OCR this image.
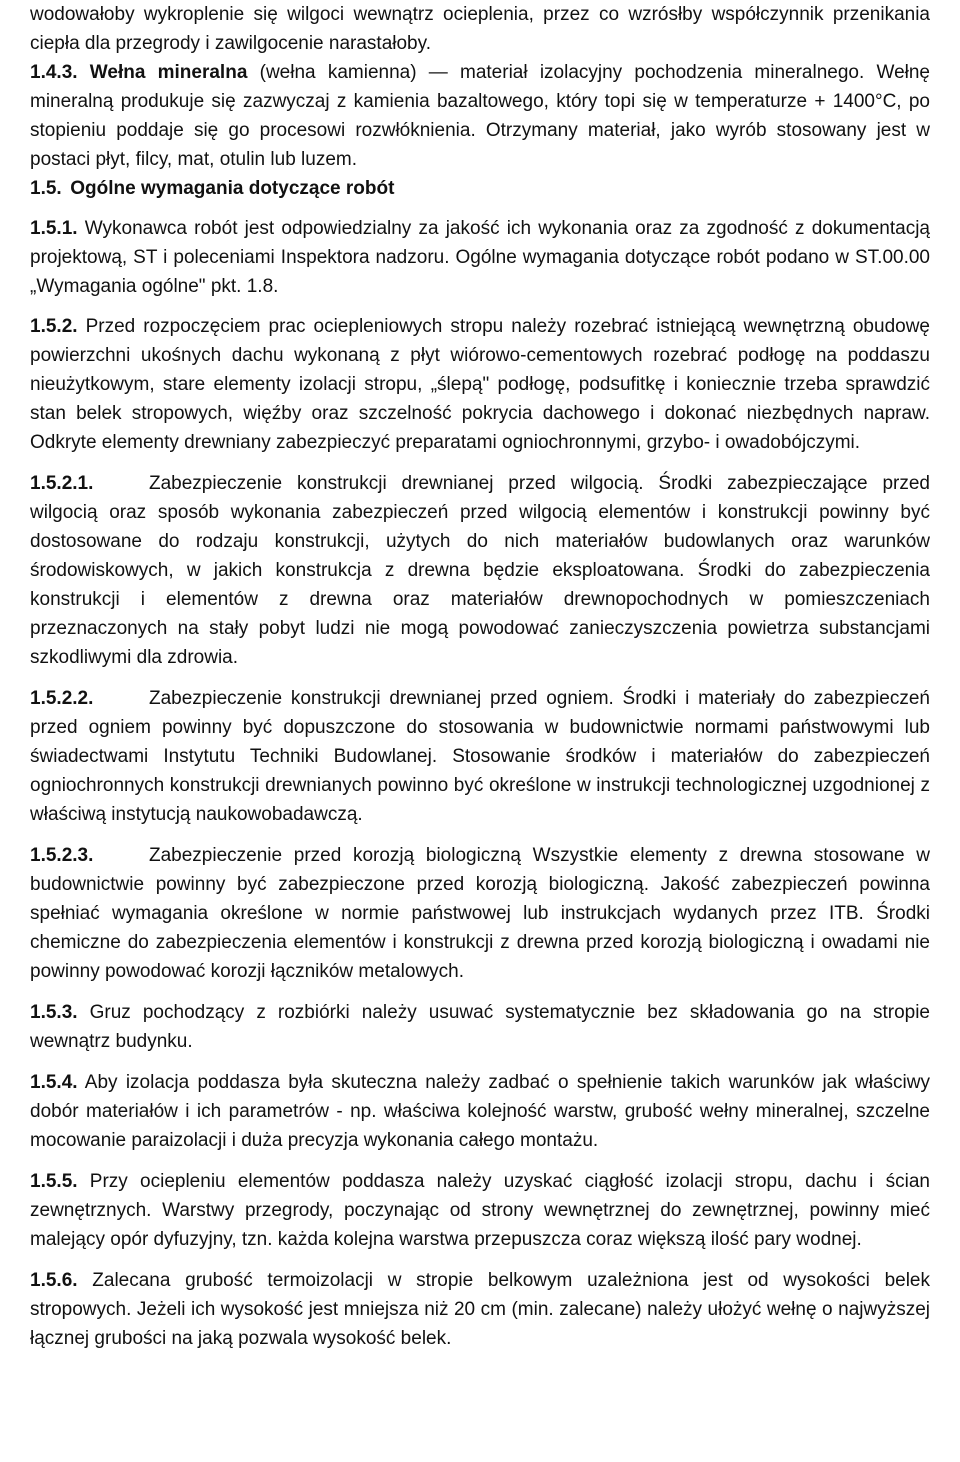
wodowałoby wykroplenie się wilgoci wewnątrz ocieplenia, przez co wzrósłby współczynnik przenikania ciepła dla przegrody i zawilgocenie narastałoby.

1.4.3. Wełna mineralna (wełna kamienna) — materiał izolacyjny pochodzenia mineralnego. Wełnę mineralną produkuje się zazwyczaj z kamienia bazaltowego, który topi się w temperaturze + 1400°C, po stopieniu poddaje się go procesowi rozwłóknienia. Otrzymany materiał, jako wyrób stosowany jest w postaci płyt, filcy, mat, otulin lub luzem.

1.5. Ogólne wymagania dotyczące robót

1.5.1. Wykonawca robót jest odpowiedzialny za jakość ich wykonania oraz za zgodność z dokumentacją projektową, ST i poleceniami Inspektora nadzoru. Ogólne wymagania dotyczące robót podano w ST.00.00 „Wymagania ogólne" pkt. 1.8.

1.5.2. Przed rozpoczęciem prac ociepleniowych stropu należy rozebrać istniejącą wewnętrzną obudowę powierzchni ukośnych dachu wykonaną z płyt wiórowo-cementowych rozebrać podłogę na poddaszu nieużytkowym, stare elementy izolacji stropu, „ślepą" podłogę, podsufitkę i koniecznie trzeba sprawdzić stan belek stropowych, więźby oraz szczelność pokrycia dachowego i dokonać niezbędnych napraw. Odkryte elementy drewniany zabezpieczyć preparatami ogniochronnymi, grzybo- i owadobójczymi.

1.5.2.1.	Zabezpieczenie konstrukcji drewnianej przed wilgocią. Środki zabezpieczające przed wilgocią oraz sposób wykonania zabezpieczeń przed wilgocią elementów i konstrukcji powinny być dostosowane do rodzaju konstrukcji, użytych do nich materiałów budowlanych oraz warunków środowiskowych, w jakich konstrukcja z drewna będzie eksploatowana. Środki do zabezpieczenia konstrukcji i elementów z drewna oraz materiałów drewnopochodnych w pomieszczeniach przeznaczonych na stały pobyt ludzi nie mogą powodować zanieczyszczenia powietrza substancjami szkodliwymi dla zdrowia.

1.5.2.2.	Zabezpieczenie konstrukcji drewnianej przed ogniem. Środki i materiały do zabezpieczeń przed ogniem powinny być dopuszczone do stosowania w budownictwie normami państwowymi lub świadectwami Instytutu Techniki Budowlanej. Stosowanie środków i materiałów do zabezpieczeń ogniochronnych konstrukcji drewnianych powinno być określone w instrukcji technologicznej uzgodnionej z właściwą instytucją naukowobadawczą.

1.5.2.3.	Zabezpieczenie przed korozją biologiczną Wszystkie elementy z drewna stosowane w budownictwie powinny być zabezpieczone przed korozją biologiczną. Jakość zabezpieczeń powinna spełniać wymagania określone w normie państwowej lub instrukcjach wydanych przez ITB. Środki chemiczne do zabezpieczenia elementów i konstrukcji z drewna przed korozją biologiczną i owadami nie powinny powodować korozji łączników metalowych.

1.5.3. Gruz pochodzący z rozbiórki należy usuwać systematycznie bez składowania go na stropie wewnątrz budynku.

1.5.4. Aby izolacja poddasza była skuteczna należy zadbać o spełnienie takich warunków jak właściwy dobór materiałów i ich parametrów - np. właściwa kolejność warstw, grubość wełny mineralnej, szczelne mocowanie paraizolacji i duża precyzja wykonania całego montażu.

1.5.5. Przy ociepleniu elementów poddasza należy uzyskać ciągłość izolacji stropu, dachu i ścian zewnętrznych. Warstwy przegrody, poczynając od strony wewnętrznej do zewnętrznej, powinny mieć malejący opór dyfuzyjny, tzn. każda kolejna warstwa przepuszcza coraz większą ilość pary wodnej.

1.5.6. Zalecana grubość termoizolacji w stropie belkowym uzależniona jest od wysokości belek stropowych. Jeżeli ich wysokość jest mniejsza niż 20 cm (min. zalecane) należy ułożyć wełnę o najwyższej łącznej grubości na jaką pozwala wysokość belek.
